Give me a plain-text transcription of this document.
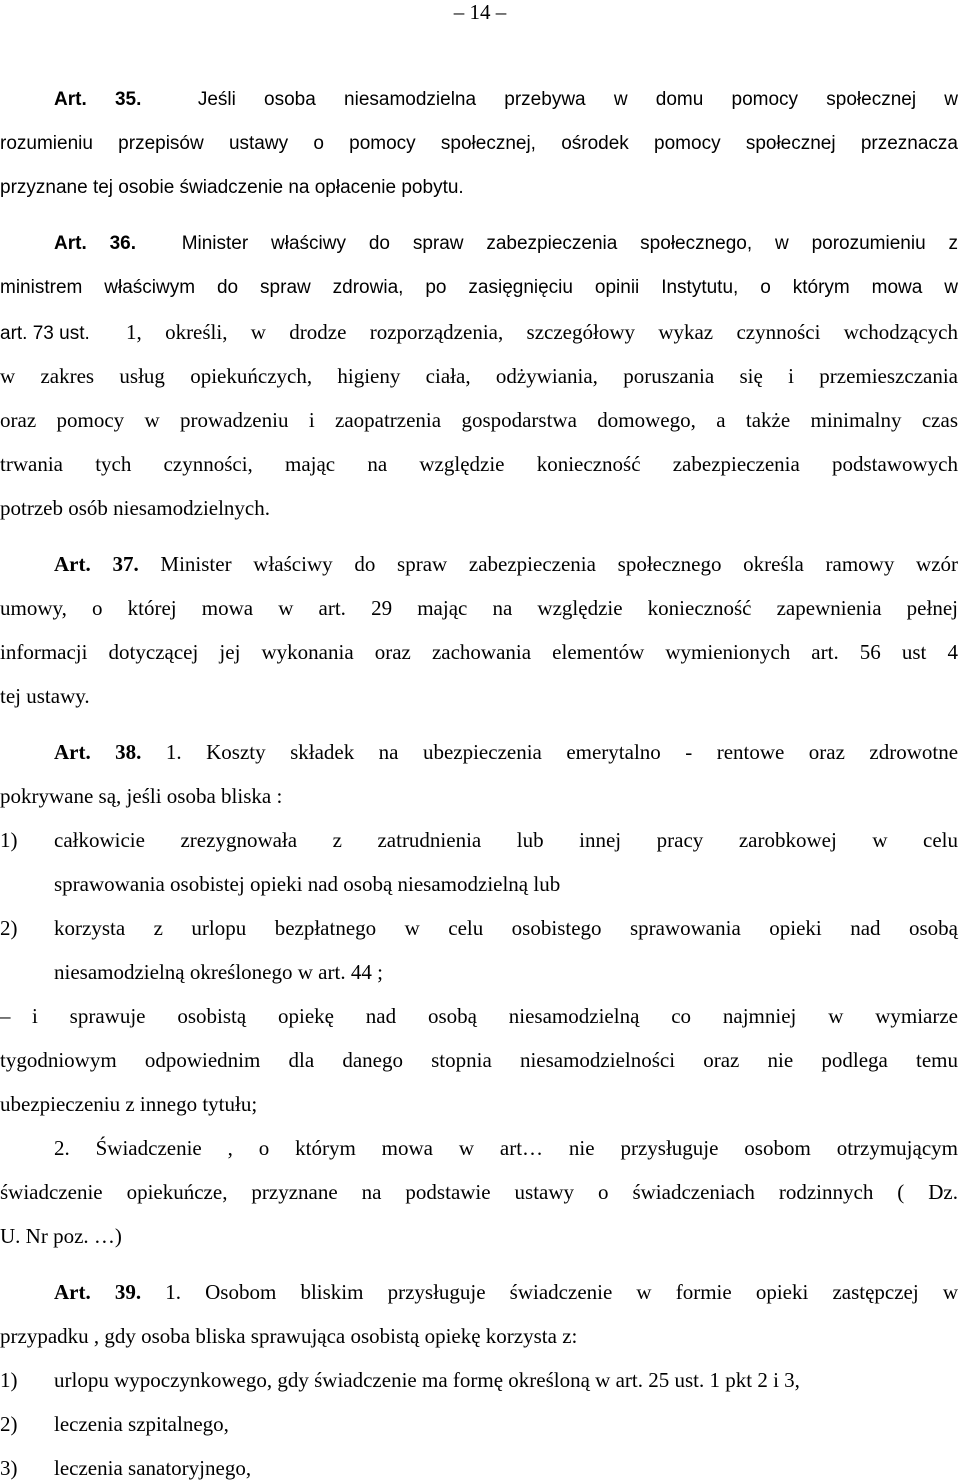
– 14 –
Art. 35.	Jeśli osoba niesamodzielna przebywa w domu pomocy społecznej w
rozumieniu przepisów ustawy o pomocy społecznej, ośrodek pomocy społecznej przeznacza
przyznane tej osobie świadczenie na opłacenie pobytu.
Art. 36. Minister właściwy do spraw zabezpieczenia społecznego, w porozumieniu z
ministrem właściwym do spraw zdrowia, po zasięgnięciu opinii Instytutu, o którym mowa w
art. 73 ust. 1, określi, w drodze rozporządzenia, szczegółowy wykaz czynności wchodzących
w zakres usług opiekuńczych, higieny ciała, odżywiania, poruszania się i przemieszczania
oraz pomocy w prowadzeniu i zaopatrzenia gospodarstwa domowego, a także minimalny czas
trwania tych czynności, mając na względzie konieczność zabezpieczenia podstawowych
potrzeb osób niesamodzielnych.
Art. 37. Minister właściwy do spraw zabezpieczenia społecznego określa ramowy wzór
umowy, o której mowa w art. 29 mając na względzie konieczność zapewnienia pełnej
informacji dotyczącej jej wykonania oraz zachowania elementów wymienionych art. 56 ust 4
tej ustawy.
Art. 38. 1. Koszty składek na ubezpieczenia emerytalno - rentowe oraz zdrowotne
pokrywane są, jeśli osoba bliska :
1) całkowicie zrezygnowała z zatrudnienia lub innej pracy zarobkowej w celu
sprawowania osobistej opieki nad osobą niesamodzielną lub
2) korzysta z urlopu bezpłatnego w celu osobistego sprawowania opieki nad osobą
niesamodzielną określonego w art. 44 ;
– i sprawuje osobistą opiekę nad osobą niesamodzielną co najmniej w wymiarze
tygodniowym odpowiednim dla danego stopnia niesamodzielności oraz nie podlega temu
ubezpieczeniu z innego tytułu;
2. Świadczenie , o którym mowa w art… nie przysługuje osobom otrzymującym
świadczenie opiekuńcze, przyznane na podstawie ustawy o świadczeniach rodzinnych ( Dz.
U. Nr poz. …)
Art. 39. 1. Osobom bliskim przysługuje świadczenie w formie opieki zastępczej w
przypadku , gdy osoba bliska sprawująca osobistą opiekę korzysta z:
1) urlopu wypoczynkowego, gdy świadczenie ma formę określoną w art. 25 ust. 1 pkt 2 i 3,
2) leczenia szpitalnego,
3) leczenia sanatoryjnego,
